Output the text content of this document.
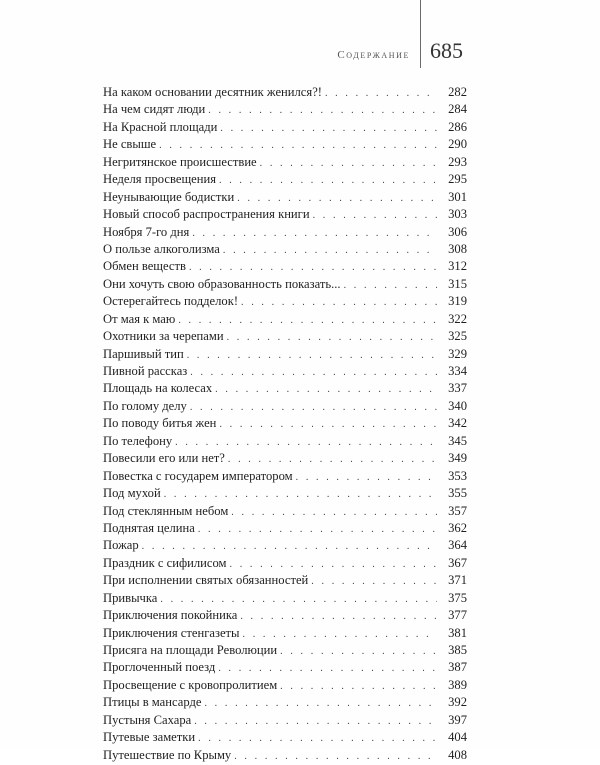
Содержание 685
На каком основании десятник женился?! . . .	282
На чем сидят люди . . .	284
На Красной площади . . .	286
Не свыше . . .	290
Негритянское происшествие . . .	293
Неделя просвещения . . .	295
Неунывающие бодистки . . .	301
Новый способ распространения книги . . .	303
Ноября 7-го дня . . .	306
О пользе алкоголизма . . .	308
Обмен веществ . . .	312
Они хочуть свою образованность показать... . . .	315
Остерегайтесь подделок! . . .	319
От мая к маю . . .	322
Охотники за черепами . . .	325
Паршивый тип . . .	329
Пивной рассказ . . .	334
Площадь на колесах . . .	337
По голому делу . . .	340
По поводу битья жен . . .	342
По телефону . . .	345
Повесили его или нет? . . .	349
Повестка с государем императором . . .	353
Под мухой . . .	355
Под стеклянным небом . . .	357
Поднятая целина . . .	362
Пожар . . .	364
Праздник с сифилисом . . .	367
При исполнении святых обязанностей . . .	371
Привычка . . .	375
Приключения покойника . . .	377
Приключения стенгазеты . . .	381
Присяга на площади Революции . . .	385
Проглоченный поезд . . .	387
Просвещение с кровопролитием . . .	389
Птицы в мансарде . . .	392
Пустыня Сахара . . .	397
Путевые заметки . . .	404
Путешествие по Крыму . . .	408
